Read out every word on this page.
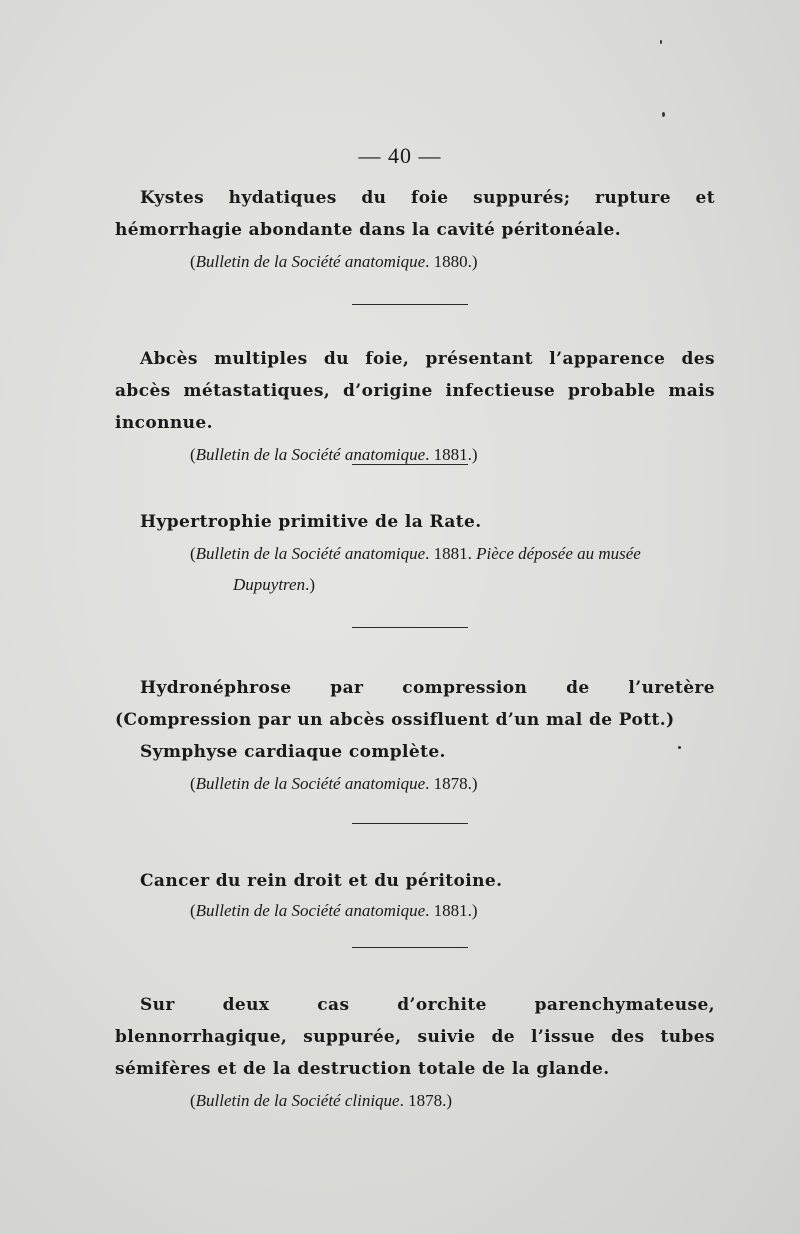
— 40 —
Kystes hydatiques du foie suppurés; rupture et hémorrhagie abondante dans la cavité péritonéale.
(Bulletin de la Société anatomique. 1880.)
Abcès multiples du foie, présentant l’apparence des abcès métastatiques, d’origine infectieuse probable mais inconnue.
(Bulletin de la Société anatomique. 1881.)
Hypertrophie primitive de la Rate.
(Bulletin de la Société anatomique. 1881. Pièce déposée au musée
Dupuytren.)
Hydronéphrose par compression de l’uretère (Compression par un abcès ossifluent d’un mal de Pott.)
Symphyse cardiaque complète.
(Bulletin de la Société anatomique. 1878.)
Cancer du rein droit et du péritoine.
(Bulletin de la Société anatomique. 1881.)
Sur deux cas d’orchite parenchymateuse, blennorrhagique, suppurée, suivie de l’issue des tubes sémifères et de la destruction totale de la glande.
(Bulletin de la Société clinique. 1878.)
